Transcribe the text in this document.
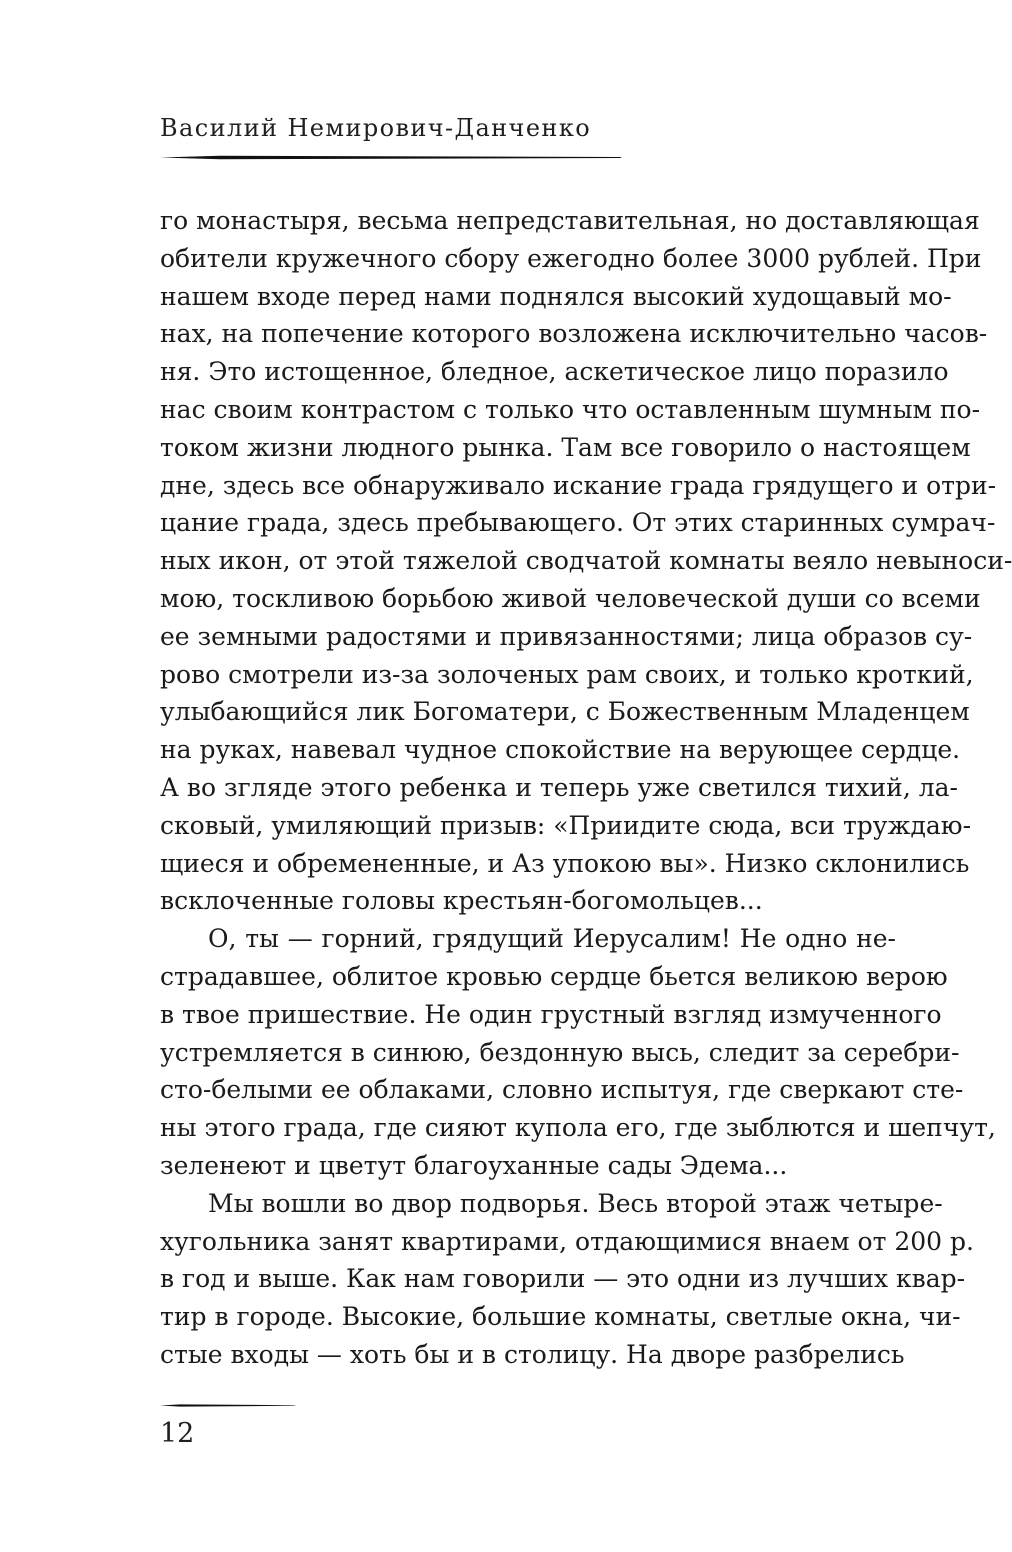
Василий Немирович-Данченко
го монастыря, весьма непредставительная, но доставляющая
обители кружечного сбору ежегодно более 3000 рублей. При
нашем входе перед нами поднялся высокий худощавый мо-
нах, на попечение которого возложена исключительно часов-
ня. Это истощенное, бледное, аскетическое лицо поразило
нас своим контрастом с только что оставленным шумным по-
током жизни людного рынка. Там все говорило о настоящем
дне, здесь все обнаруживало искание града грядущего и отри-
цание града, здесь пребывающего. От этих старинных сумрач-
ных икон, от этой тяжелой сводчатой комнаты веяло невыноси-
мою, тоскливою борьбою живой человеческой души со всеми
ее земными радостями и привязанностями; лица образов су-
рово смотрели из-за золоченых рам своих, и только кроткий,
улыбающийся лик Богоматери, с Божественным Младенцем
на руках, навевал чудное спокойствие на верующее сердце.
А во згляде этого ребенка и теперь уже светился тихий, ла-
сковый, умиляющий призыв: «Приидите сюда, вси труждаю-
щиеся и обремененные, и Аз упокою вы». Низко склонились
всклоченные головы крестьян-богомольцев...
О, ты — горний, грядущий Иерусалим! Не одно не-
страдавшее, облитое кровью сердце бьется великою верою
в твое пришествие. Не один грустный взгляд измученного
устремляется в синюю, бездонную высь, следит за серебри-
сто-белыми ее облаками, словно испытуя, где сверкают сте-
ны этого града, где сияют купола его, где зыблются и шепчут,
зеленеют и цветут благоуханные сады Эдема...
Мы вошли во двор подворья. Весь второй этаж четыре-
хугольника занят квартирами, отдающимися внаем от 200 р.
в год и выше. Как нам говорили — это одни из лучших квар-
тир в городе. Высокие, большие комнаты, светлые окна, чи-
стые входы — хоть бы и в столицу. На дворе разбрелись
12
